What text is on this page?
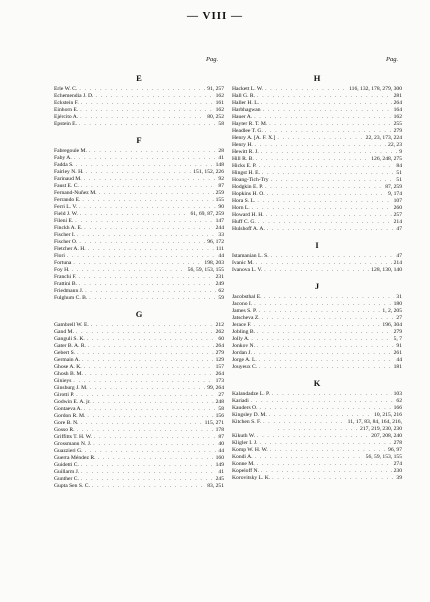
— VIII —
Pag.	Pag.
E
Erle W. C. . . .	91, 257
Echemendia J. D. . . .	162
Eckstein F. . . .	161
Einhorn E. . . .	162
Ejército A. . . .	80, 252
Epstein E. . . .	58
F
Fabregoule M. . . .	28
Faby A. . . .	41
Fadda S. . . .	148
Fairley N. H. . . .	151, 152, 226
Farinaud M. . . .	92
Faust E. C. . . .	87
Fernand-Nuñez M. . . .	259
Ferrando E. . . .	155
Ferri L. V. . . .	90
Field J. W. . . .	61, 69, 87, 259
Fileni E. . . .	147
Finckh A. E. . . .	244
Fischer I. . . .	33
Fischer O. . . .	96, 172
Fletcher A. H. . . .	111
Flori . . .	44
Fortuna . . .	198, 203
Foy H. . . .	56, 59, 153, 155
Franchi F. . . .	231
Frattini B. . . .	249
Friedmann J. . . .	62
Fulghum C. B. . . .	59
G
Gambrell W. E. . . .	212
Gand M. . . .	262
Ganguli S. K. . . .	60
Gater B. A. R. . . .	264
Gebert S. . . .	279
Germain A. . . .	129
Ghose A. K. . . .	157
Ghosh B. M. . . .	264
Ginieys . . .	173
Ginsburg J. M. . . .	99, 264
Girotti P. . . .	27
Godwin E. A. jr. . . .	248
Gontaeva A. . . .	58
Gordon R. M. . . .	156
Gore B. N. . . .	115, 271
Gosso R. . . .	178
Griffitts T. H. W. . . .	87
Grossmann N. J. . . .	40
Guazzieri G. . . .	44
Guerra Méndez R. . . .	160
Guidetti C. . . .	149
Guillarm J. . . .	41
Gunther C. . . .	245
Gupta Sen S. C. . . .	83, 251
H
Hackett L. W. . . .	116, 132, 178, 279, 300
Hall G. R. . . .	281
Haller H. L. . . .	264
Harbhagwan . . .	164
Hauer A. . . .	162
Hayter R. T. M. . . .	255
Headlee T. G. . . .	279
Henry A. [A. F. X.] . . .	22, 23, 173, 224
Henry H. . . .	22, 23
Hewitt R. J. . . .	9
Hill R. B. . . .	126, 248, 275
Hicks E. P. . . .	84
Hingst H. E. . . .	51
Hoang-Tich-Try . . .	51
Hodgkin E. P. . . .	87, 259
Hopkins H. O. . . .	9, 174
Hora S. L. . . .	107
Horn L. . . .	260
Howard H. H. . . .	257
Huff C. G. . . .	214
Hulshoff A. A. . . .	47
I
Istamanian L. S. . . .	47
Ivanic M. . . .	214
Ivanova L. V. . . .	128, 130, 140
J
Jacobsthal E. . . .	31
Jacono I. . . .	180
James S. P. . . .	1, 2, 205
Jatscheva Z. . . .	27
Jerace F. . . .	196, 304
Jobling B. . . .	279
Jolly A. . . .	5, 7
Jonkov N. . . .	91
Jordan J. . . .	261
Jorge A. L. . . .	44
Jouyeux C. . . .	181
K
Kalandadze L. P. . . .	103
Kariadi . . .	62
Kauders O. . . .	166
Kingsley D. M. . . .	10, 215, 216
Kitchen S. F. . . .	11, 17, 83, 84, 164, 216,
. . .
217, 219, 230, 230
Kikuth W. . . .	207, 208, 240
Kligler I. J. . . .	278
Komp W. H. W. . . .	96, 97
Kondi A. . . .	56, 59, 153, 155
Konne M. . . .	274
Kopeloff N. . . .	230
Korovitsky L. K. . . .	39
